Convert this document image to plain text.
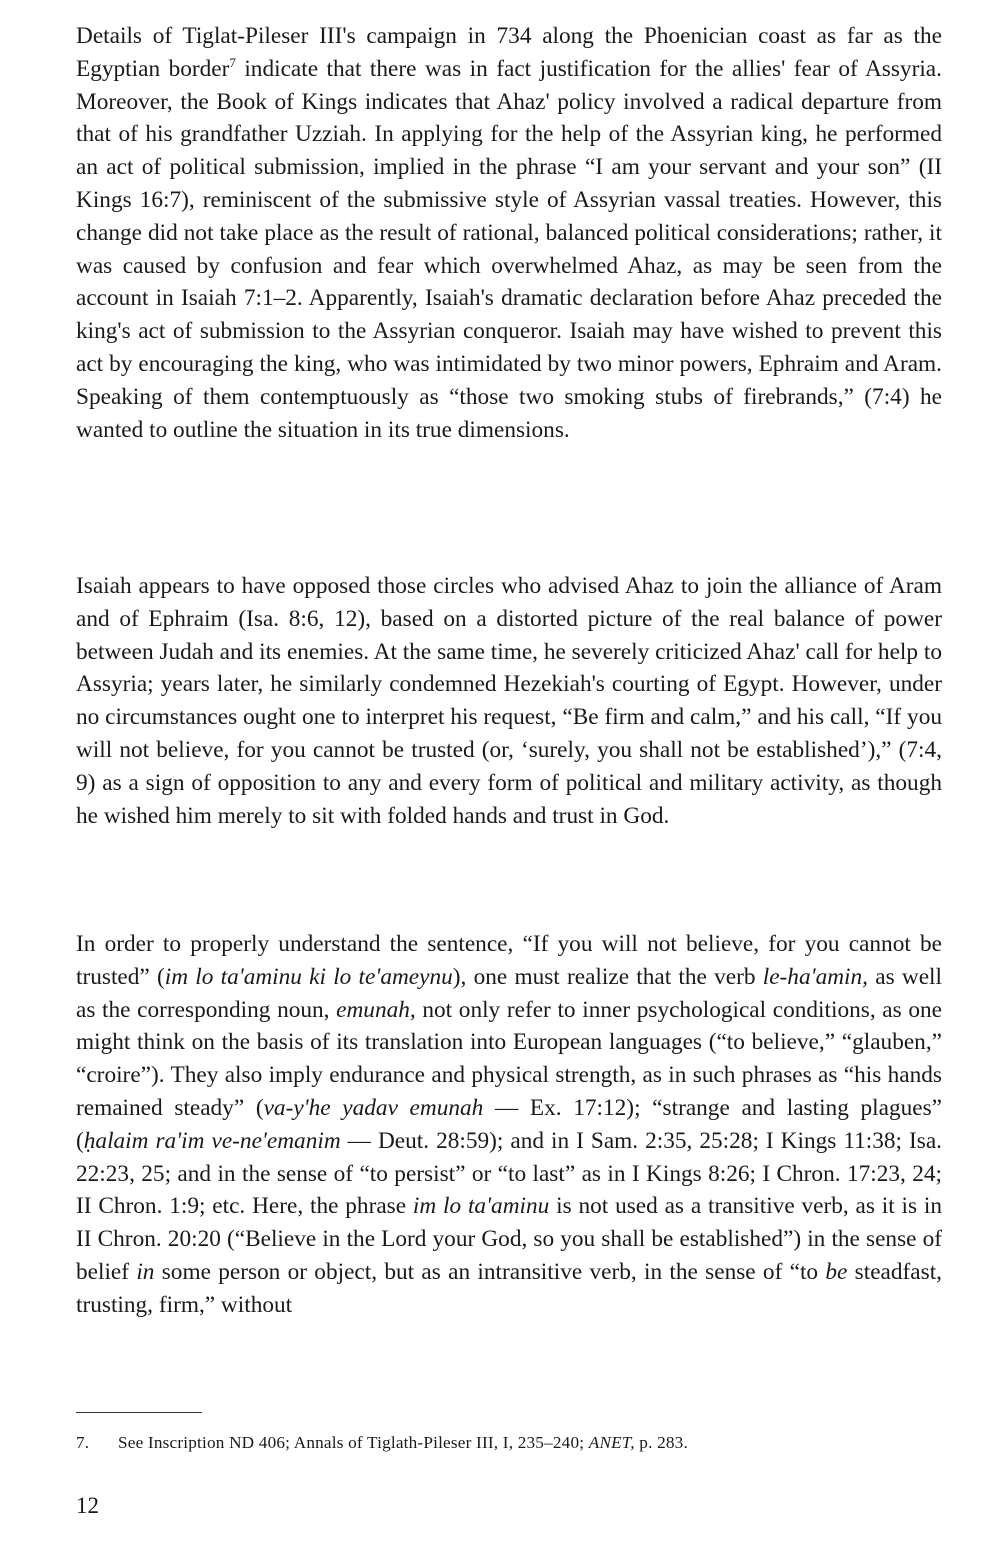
Details of Tiglat-Pileser III's campaign in 734 along the Phoenician coast as far as the Egyptian border$^7$ indicate that there was in fact justification for the allies' fear of Assyria. Moreover, the Book of Kings indicates that Ahaz' policy involved a radical departure from that of his grandfather Uzziah. In applying for the help of the Assyrian king, he performed an act of political submission, implied in the phrase “I am your servant and your son” (II Kings 16:7), reminiscent of the submissive style of Assyrian vassal treaties. However, this change did not take place as the result of rational, balanced political considerations; rather, it was caused by confusion and fear which overwhelmed Ahaz, as may be seen from the account in Isaiah 7:1–2. Apparently, Isaiah's dramatic declaration before Ahaz preceded the king's act of submission to the Assyrian conqueror. Isaiah may have wished to prevent this act by encouraging the king, who was intimidated by two minor powers, Ephraim and Aram. Speaking of them contemptuously as “those two smoking stubs of firebrands,” (7:4) he wanted to outline the situation in its true dimensions.

Isaiah appears to have opposed those circles who advised Ahaz to join the alliance of Aram and of Ephraim (Isa. 8:6, 12), based on a distorted picture of the real balance of power between Judah and its enemies. At the same time, he severely criticized Ahaz' call for help to Assyria; years later, he similarly condemned Hezekiah's courting of Egypt. However, under no circumstances ought one to interpret his request, “Be firm and calm,” and his call, “If you will not believe, for you cannot be trusted (or, ‘surely, you shall not be established’),” (7:4, 9) as a sign of opposition to any and every form of political and military activity, as though he wished him merely to sit with folded hands and trust in God.

In order to properly understand the sentence, “If you will not believe, for you cannot be trusted” (im lo ta'aminu ki lo te'ameynu), one must realize that the verb le-ha'amin, as well as the corresponding noun, emunah, not only refer to inner psychological conditions, as one might think on the basis of its translation into European languages (“to believe,” “glauben,” “croire”). They also imply endurance and physical strength, as in such phrases as “his hands remained steady” (va-y'he yadav emunah — Ex. 17:12); “strange and lasting plagues” (ḥalaim ra'im ve-ne'emanim — Deut. 28:59); and in I Sam. 2:35, 25:28; I Kings 11:38; Isa. 22:23, 25; and in the sense of “to persist” or “to last” as in I Kings 8:26; I Chron. 17:23, 24; II Chron. 1:9; etc. Here, the phrase im lo ta'aminu is not used as a transitive verb, as it is in II Chron. 20:20 (“Believe in the Lord your God, so you shall be established”) in the sense of belief in some person or object, but as an intransitive verb, in the sense of “to be steadfast, trusting, firm,” without

7. See Inscription ND 406; Annals of Tiglath-Pileser III, I, 235–240; ANET, p. 283.
12
